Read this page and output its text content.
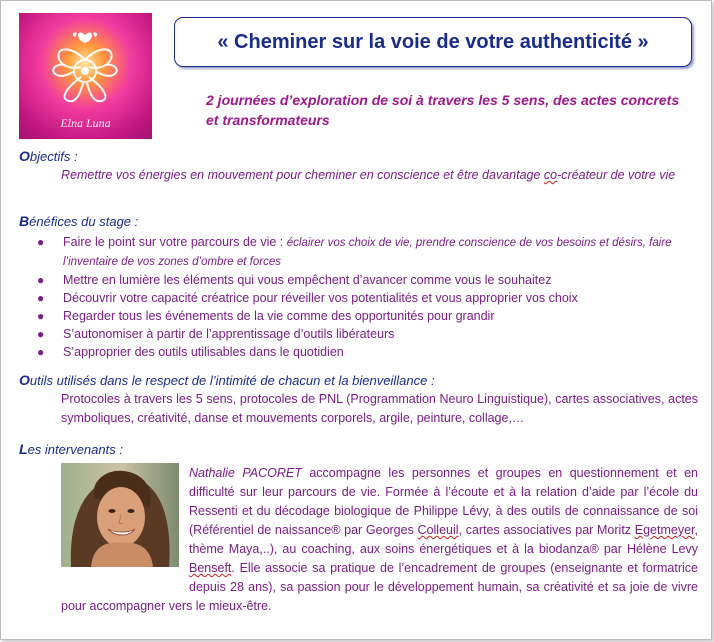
Elna Luna
« Cheminer sur la voie de votre authenticité »
2 journées d’exploration de soi à travers les 5 sens, des actes concrets et transformateurs
Objectifs :
Remettre vos énergies en mouvement pour cheminer en conscience et être davantage co-créateur de votre vie
Bénéfices du stage :
● Faire le point sur votre parcours de vie : éclairer vos choix de vie, prendre conscience de vos besoins et désirs, faire l’inventaire de vos zones d’ombre et forces
● Mettre en lumière les éléments qui vous empêchent d’avancer comme vous le souhaitez
● Découvrir votre capacité créatrice pour réveiller vos potentialités et vous approprier vos choix
● Regarder tous les événements de la vie comme des opportunités pour grandir
● S’autonomiser à partir de l’apprentissage d’outils libérateurs
● S’approprier des outils utilisables dans le quotidien
Outils utilisés dans le respect de l’intimité de chacun et la bienveillance :
Protocoles à travers les 5 sens, protocoles de PNL (Programmation Neuro Linguistique), cartes associatives, actes symboliques, créativité, danse et mouvements corporels, argile, peinture, collage,…
Les intervenants :
Nathalie PACORET accompagne les personnes et groupes en questionnement et en difficulté sur leur parcours de vie. Formée à l’écoute et à la relation d’aide par l’école du Ressenti et du décodage biologique de Philippe Lévy, à des outils de connaissance de soi (Référentiel de naissance® par Georges Colleuil, cartes associatives par Moritz Egetmeyer, thème Maya,..), au coaching, aux soins énergétiques et à la biodanza® par Hélène Levy Benseft. Elle associe sa pratique de l’encadrement de groupes (enseignante et formatrice depuis 28 ans), sa passion pour le développement humain, sa créativité et sa joie de vivre pour accompagner vers le mieux-être.
